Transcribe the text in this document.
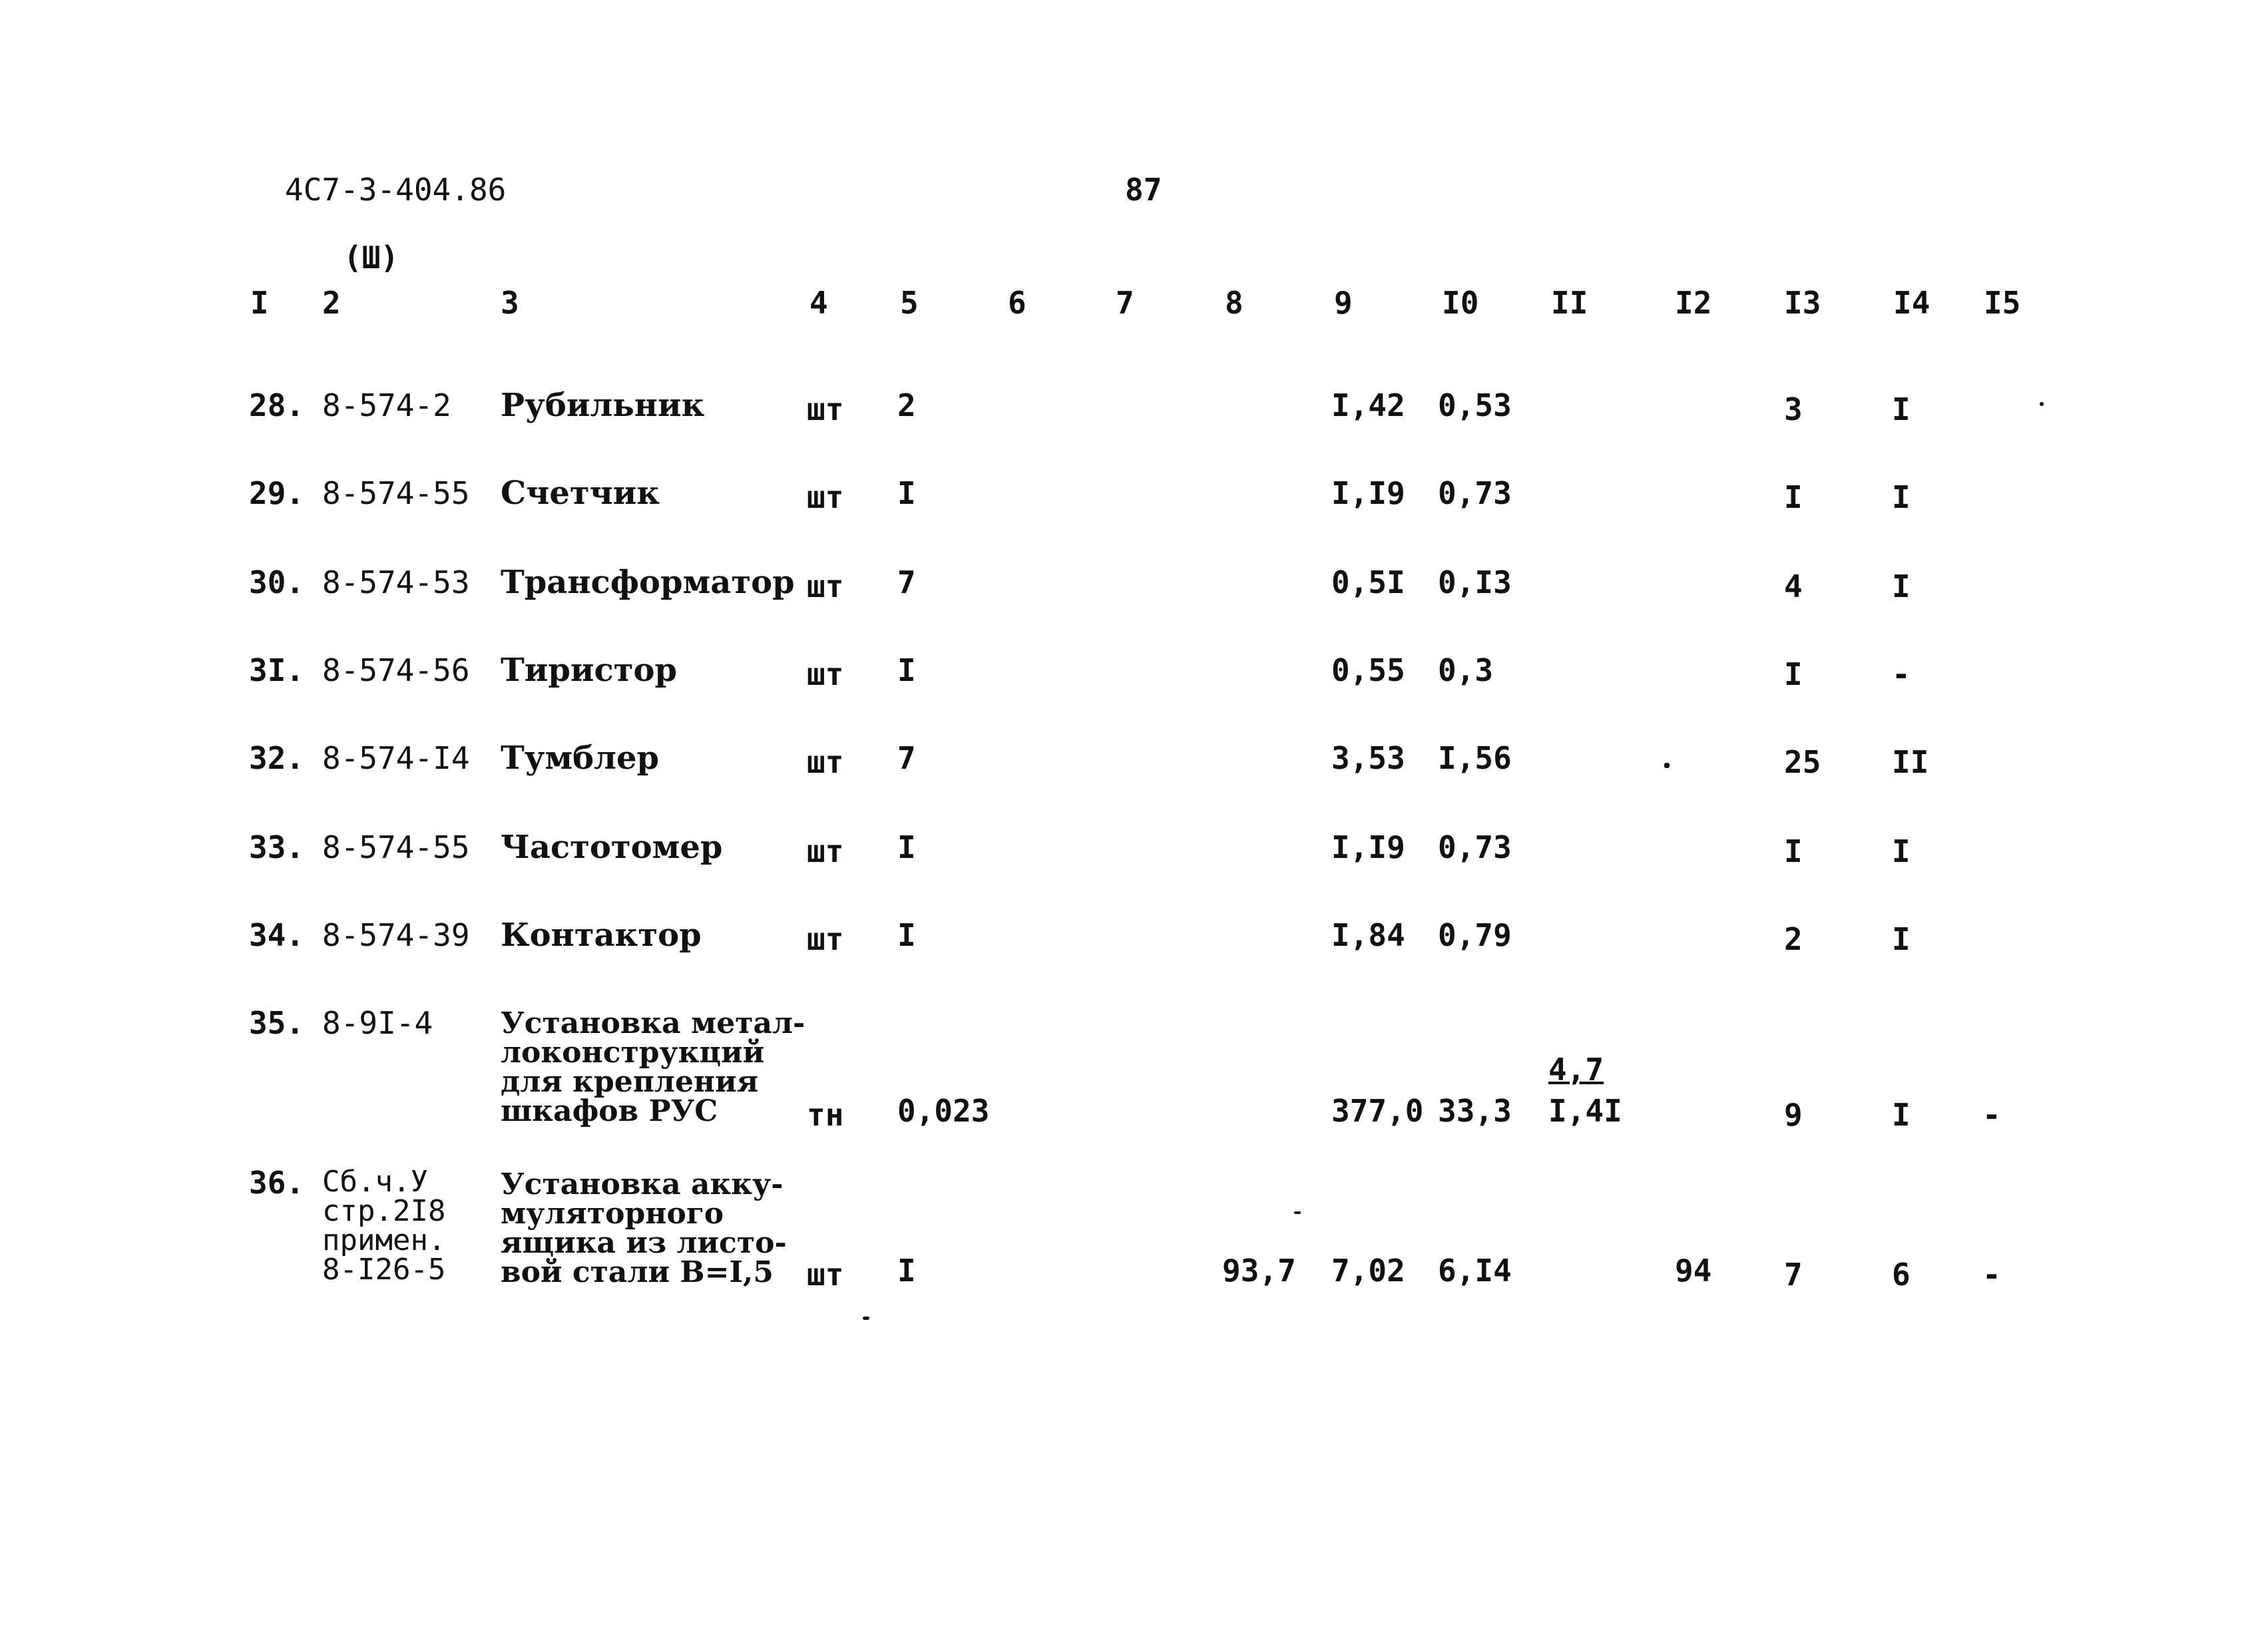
4С7-3-404.86	87
(Ш)
I 2	3	4 5	6	7	8	9	I0 II	I2 I3 I4 I5
28. 8-574-2 Рубильник	шт 2	I,42 0,53	3	I
29. 8-574-55 Счетчик	шт I	I,I9 0,73	I	I
30. 8-574-53 Трансформатор шт 7	0,5I 0,I3	4	I
3I. 8-574-56 Тиристор	шт I	0,55 0,3	I	-
32. 8-574-I4 Тумблер	шт 7	3,53 I,56	25 II
33. 8-574-55 Частотомер	шт I	I,I9 0,73	I	I
34. 8-574-39 Контактор	шт I	I,84 0,79	2	I
35. 8-9I-4 Установка метал-
локонструкций
для крепления
шкафов РУС	тн 0,023	377,0 33,3
4,7
I,4I	9	I -
36. Сб.ч.У
стр.2I8
примен.
8-I26-5
Установка акку-
муляторного
ящика из листо-
вой стали В=I,5	шт I	93,7 7,02 6,I4	94 7	6 -
